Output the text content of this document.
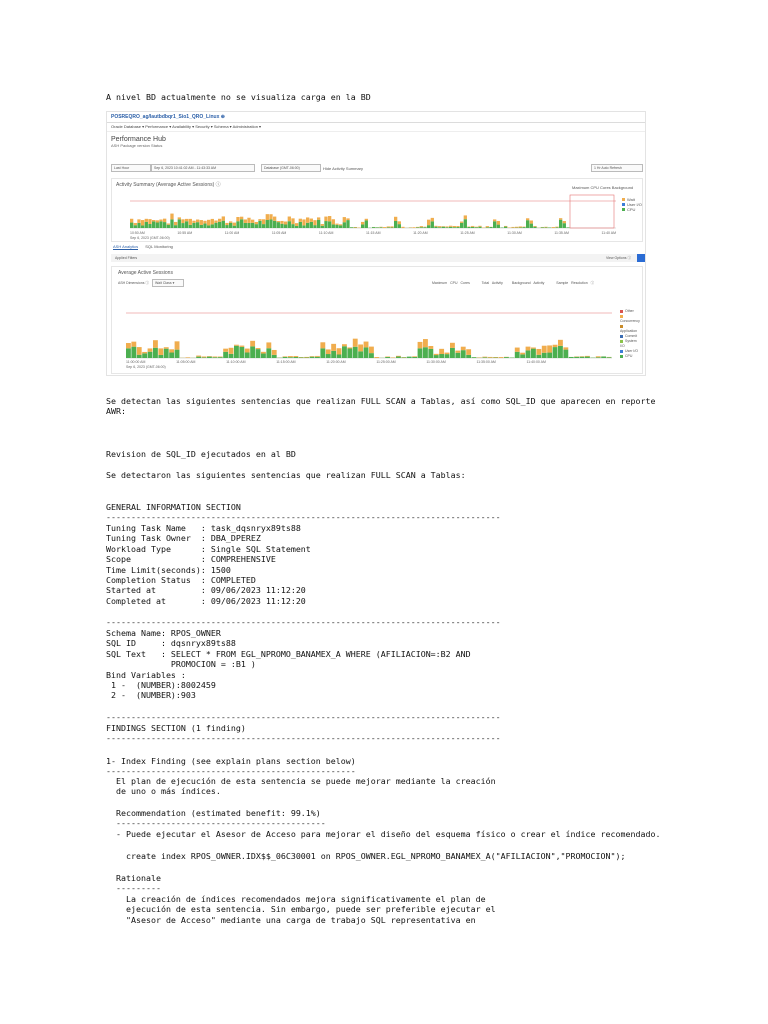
A nivel BD actualmente no se visualiza carga en la BD
POSREQRO_ag/lautbdbqr1_Sio1_QRO_Linux ⊕
Oracle Database ▾ Performance ▾ Availability ▾ Security ▾ Schema ▾ Administration ▾
Performance Hub
ASH Package version Status
Last Hour	Sep 6, 2023 10:41:02 AM - 11:43:33 AM	Database (GMT-06:00)	Hide Activity Summary	1 Hr Auto Refresh
Activity Summary (Average Active Sessions) ⓘ	Maximum CPU Cores Background
Wait
User I/O
CPU
10:50 AM	10:55 AM	11:00 AM	11:05 AM	11:10 AM	11:15 AM	11:20 AM	11:25 AM	11:30 AM	11:35 AM	11:40 AM
Sep 6, 2023 (GMT-06:00)
ASH Analytics SQL Monitoring
Applied Filters	View Options ⓘ
Average Active Sessions
ASH Dimensions ⓘ	Wait Class ▾	Maximum CPU Cores	Total Activity	Background Activity	Sample Resolution ⓘ
Other
Concurrency
Application
Commit
System I/O
User I/O
CPU
11:00:00 AM	11:05:00 AM	11:10:00 AM	11:15:00 AM	11:20:00 AM	11:25:00 AM	11:30:00 AM	11:35:00 AM	11:40:00 AM
Sep 6, 2023 (GMT-06:00)
Se detectan las siguientes sentencias que realizan FULL SCAN a Tablas, así como SQL_ID que aparecen en reporte
AWR:
Revision de SQL_ID ejecutados en al BD
Se detectaron las siguientes sentencias que realizan FULL SCAN a Tablas:
GENERAL INFORMATION SECTION
-------------------------------------------------------------------------------
Tuning Task Name   : task_dqsnryx89ts88
Tuning Task Owner  : DBA_DPEREZ
Workload Type      : Single SQL Statement
Scope              : COMPREHENSIVE
Time Limit(seconds): 1500
Completion Status  : COMPLETED
Started at         : 09/06/2023 11:12:20
Completed at       : 09/06/2023 11:12:20
-------------------------------------------------------------------------------
Schema Name: RPOS_OWNER
SQL ID     : dqsnryx89ts88
SQL Text   : SELECT * FROM EGL_NPROMO_BANAMEX_A WHERE (AFILIACION=:B2 AND
PROMOCION = :B1 )
Bind Variables :
1 -  (NUMBER):8002459
2 -  (NUMBER):903
-------------------------------------------------------------------------------
FINDINGS SECTION (1 finding)
-------------------------------------------------------------------------------
1- Index Finding (see explain plans section below)
--------------------------------------------------
El plan de ejecución de esta sentencia se puede mejorar mediante la creación
de uno o más índices.
Recommendation (estimated benefit: 99.1%)
------------------------------------------
- Puede ejecutar el Asesor de Acceso para mejorar el diseño del esquema físico o crear el índice recomendado.
create index RPOS_OWNER.IDX$$_06C30001 on RPOS_OWNER.EGL_NPROMO_BANAMEX_A("AFILIACION","PROMOCION");
Rationale
---------
La creación de índices recomendados mejora significativamente el plan de
ejecución de esta sentencia. Sin embargo, puede ser preferible ejecutar el
"Asesor de Acceso" mediante una carga de trabajo SQL representativa en
